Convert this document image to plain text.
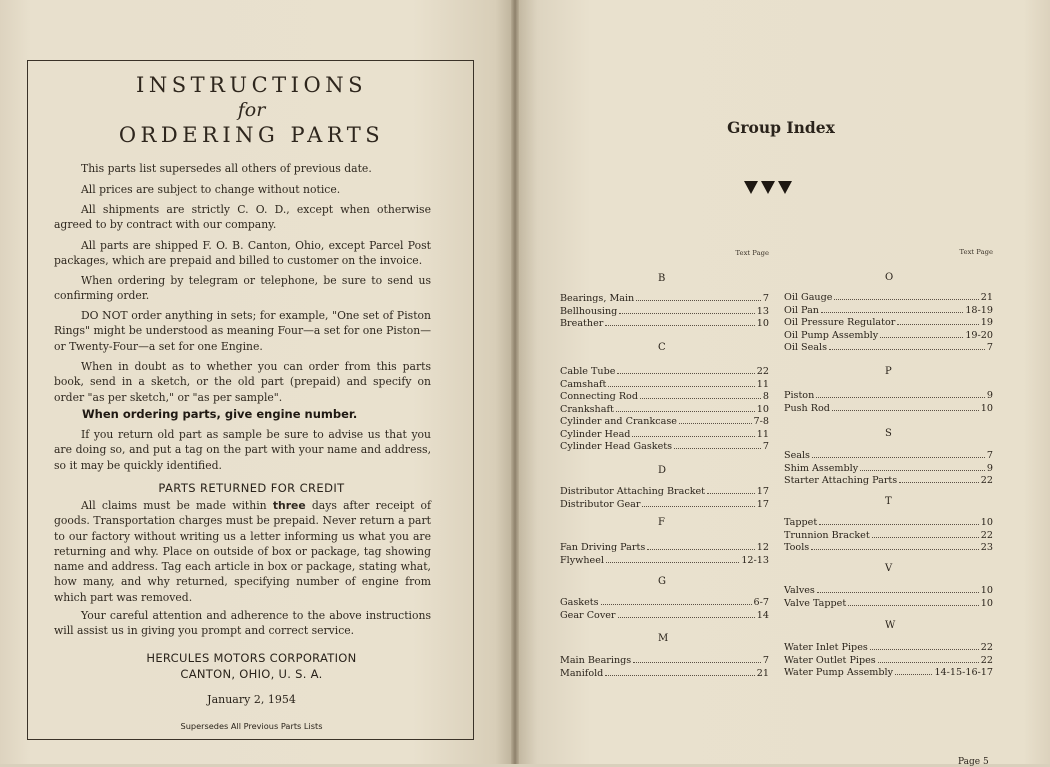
INSTRUCTIONS
for
ORDERING PARTS

This parts list supersedes all others of previous date.

All prices are subject to change without notice.

All shipments are strictly C. O. D., except when otherwise agreed to by contract with our company.

All parts are shipped F. O. B. Canton, Ohio, except Parcel Post packages, which are prepaid and billed to customer on the invoice.

When ordering by telegram or telephone, be sure to send us confirming order.

DO NOT order anything in sets; for example, "One set of Piston Rings" might be understood as meaning Four—a set for one Piston—or Twenty-Four—a set for one Engine.

When in doubt as to whether you can order from this parts book, send in a sketch, or the old part (prepaid) and specify on order "as per sketch," or "as per sample".

When ordering parts, give engine number.

If you return old part as sample be sure to advise us that you are doing so, and put a tag on the part with your name and address, so it may be quickly identified.

PARTS RETURNED FOR CREDIT

All claims must be made within three days after receipt of goods. Transportation charges must be prepaid. Never return a part to our factory without writing us a letter informing us what you are returning and why. Place on outside of box or package, tag showing name and address. Tag each article in box or package, stating what, how many, and why returned, specifying number of engine from which part was removed.

Your careful attention and adherence to the above instructions will assist us in giving you prompt and correct service.

HERCULES MOTORS CORPORATION
CANTON, OHIO, U. S. A.
January 2, 1954
Supersedes All Previous Parts Lists
Group Index
Text Page	Text Page
B
Bearings, Main	7
Bellhousing	13
Breather	10
C
Cable Tube	22
Camshaft	11
Connecting Rod	8
Crankshaft	10
Cylinder and Crankcase	7-8
Cylinder Head	11
Cylinder Head Gaskets	7
D
Distributor Attaching Bracket	17
Distributor Gear	17
F
Fan Driving Parts	12
Flywheel	12-13
G
Gaskets	6-7
Gear Cover	14
M
Main Bearings	7
Manifold	21
O
Oil Gauge	21
Oil Pan	18-19
Oil Pressure Regulator	19
Oil Pump Assembly	19-20
Oil Seals	7
P
Piston	9
Push Rod	10
S
Seals	7
Shim Assembly	9
Starter Attaching Parts	22
T
Tappet	10
Trunnion Bracket	22
Tools	23
V
Valves	10
Valve Tappet	10
W
Water Inlet Pipes	22
Water Outlet Pipes	22
Water Pump Assembly	14-15-16-17
Page 5
